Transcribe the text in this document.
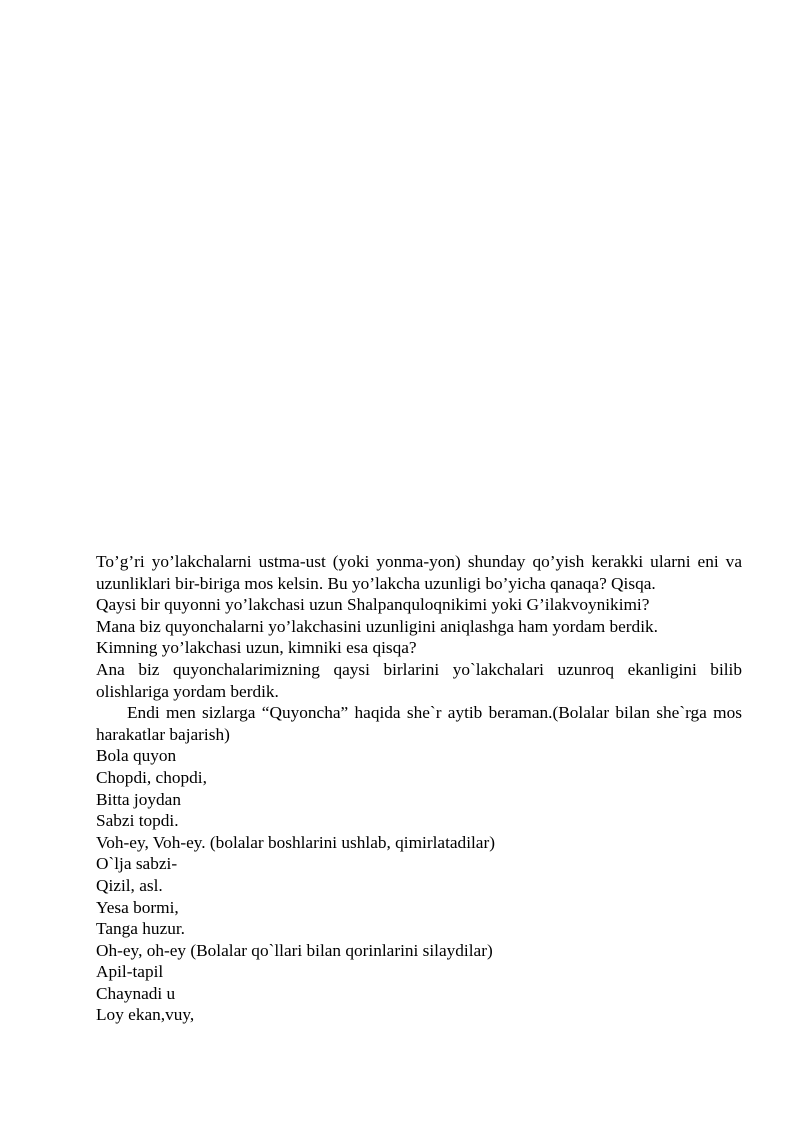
To’g’ri yo’lakchalarni ustma-ust (yoki yonma-yon) shunday qo’yish kerakki ularni eni va uzunliklari bir-biriga mos kelsin. Bu yo’lakcha uzunligi bo’yicha qanaqa? Qisqa.

Qaysi bir quyonni yo’lakchasi uzun Shalpanquloqnikimi yoki G’ilakvoynikimi?

Mana biz quyonchalarni yo’lakchasini uzunligini aniqlashga ham yordam berdik.

Kimning yo’lakchasi uzun, kimniki esa qisqa?

Ana biz quyonchalarimizning qaysi birlarini yo`lakchalari uzunroq ekanligini bilib olishlariga yordam berdik.

Endi men sizlarga “Quyoncha” haqida she`r aytib beraman.(Bolalar bilan she`rga mos harakatlar bajarish)

Bola quyon

Chopdi, chopdi,

Bitta joydan

Sabzi topdi.

Voh-ey, Voh-ey. (bolalar boshlarini ushlab, qimirlatadilar)

O`lja sabzi-

Qizil, asl.

Yesa bormi,

Tanga huzur.

Oh-ey, oh-ey (Bolalar qo`llari bilan qorinlarini silaydilar)

Apil-tapil

Chaynadi u

Loy ekan,vuy,
